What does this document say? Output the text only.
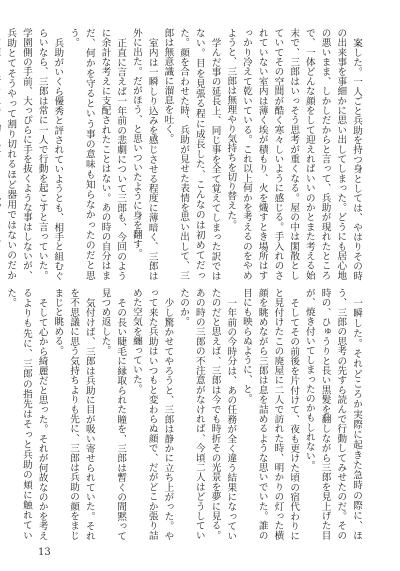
案した。一人ごと兵助を持つ身としては、やはりその時の出来事を事細かに思い出してしまった。どうにも居心地の悪いまま、しかしだからと言って、兵助が現れたところで、一体どんな顔をして迎えればいいのかとまた考える始末で、三郎はいっそう思考が重くなる。屋の中は閑散としていてその空間が酷く寒々しいように感じる。手入れのされていない室内は薄く埃が積もり、火を熾すとき場所はすっかり冷えて乾いている。これ以上何かを考えるのをやめようと、三郎は無理やり気持ちを切り替えた。

学んだ事の延長上、同じ事を全て覚えてしまった訳ではない。目を見張る程に成長した、こんなのは初めてだった。顔を合わせた時、兵助が見せた表情を思い出して、三郎は無意識に溜息を吐く。

室内は一瞬しり込みを感じさせる程度に薄暗く、三郎は外に出た。だがほう、と思いついたように身を翻す。

正直に言えば一年前の悲劇について三郎も、今回のように余計な考えに支配されたことはない。あの時の自分はまだ、何かを守るという事の意味も知らなかったのだと思う。

兵助がいくら優秀と評されていようとも、相手と組むぐらいなら、三郎は常に一人で行動を起こすと言っていた。学園側の手前、大っぴらに手を抜くような事はしないが、兵助とてそうやって割り切れるほど器用ではないのだか

一瞬した。それどころか実際に起きた急時の際に、ほう、三郎の思考の先すら読んで行動してみせたのだ。その時の、ひゅうりと長い黒髪を翻しながら三郎を見上げた目が、焼き付いてしまったのかもしれない。

そしてその前後を片付けて、夜も更けた頃の宿代わりにと見付けたこの廃屋に二人で訪れた時、明かりの灯った横顔を眺めながら三郎は息を詰めるような思いでいた。誰の目にも映らぬように、と。

一年前の今時分は、あの任務が全く違う結果になっていたのだと思えば、三郎は今でも時折その光景を夢に見る。あの時の三郎の不注意がなければ、今頃二人はどうしていたのか。

少し驚かせてやろうと、三郎は静かに立ち上がった。やって来た兵助はいつもと変わらぬ顔で、だがどこか張り詰めた空気を纏っていた。

その長い睫毛に縁取られた瞳を、三郎は暫くの間黙って見つめ返した。

気付けば、三郎は兵助に目が吸い寄せられていた。それを不思議に思う気持ちよりも先に、三郎は兵助の顔をまじまじと眺める。

そして心から綺麗だと思った。それが何故なのかを考えるよりも先に、三郎の指先はそっと兵助の頬に触れていた。

13
